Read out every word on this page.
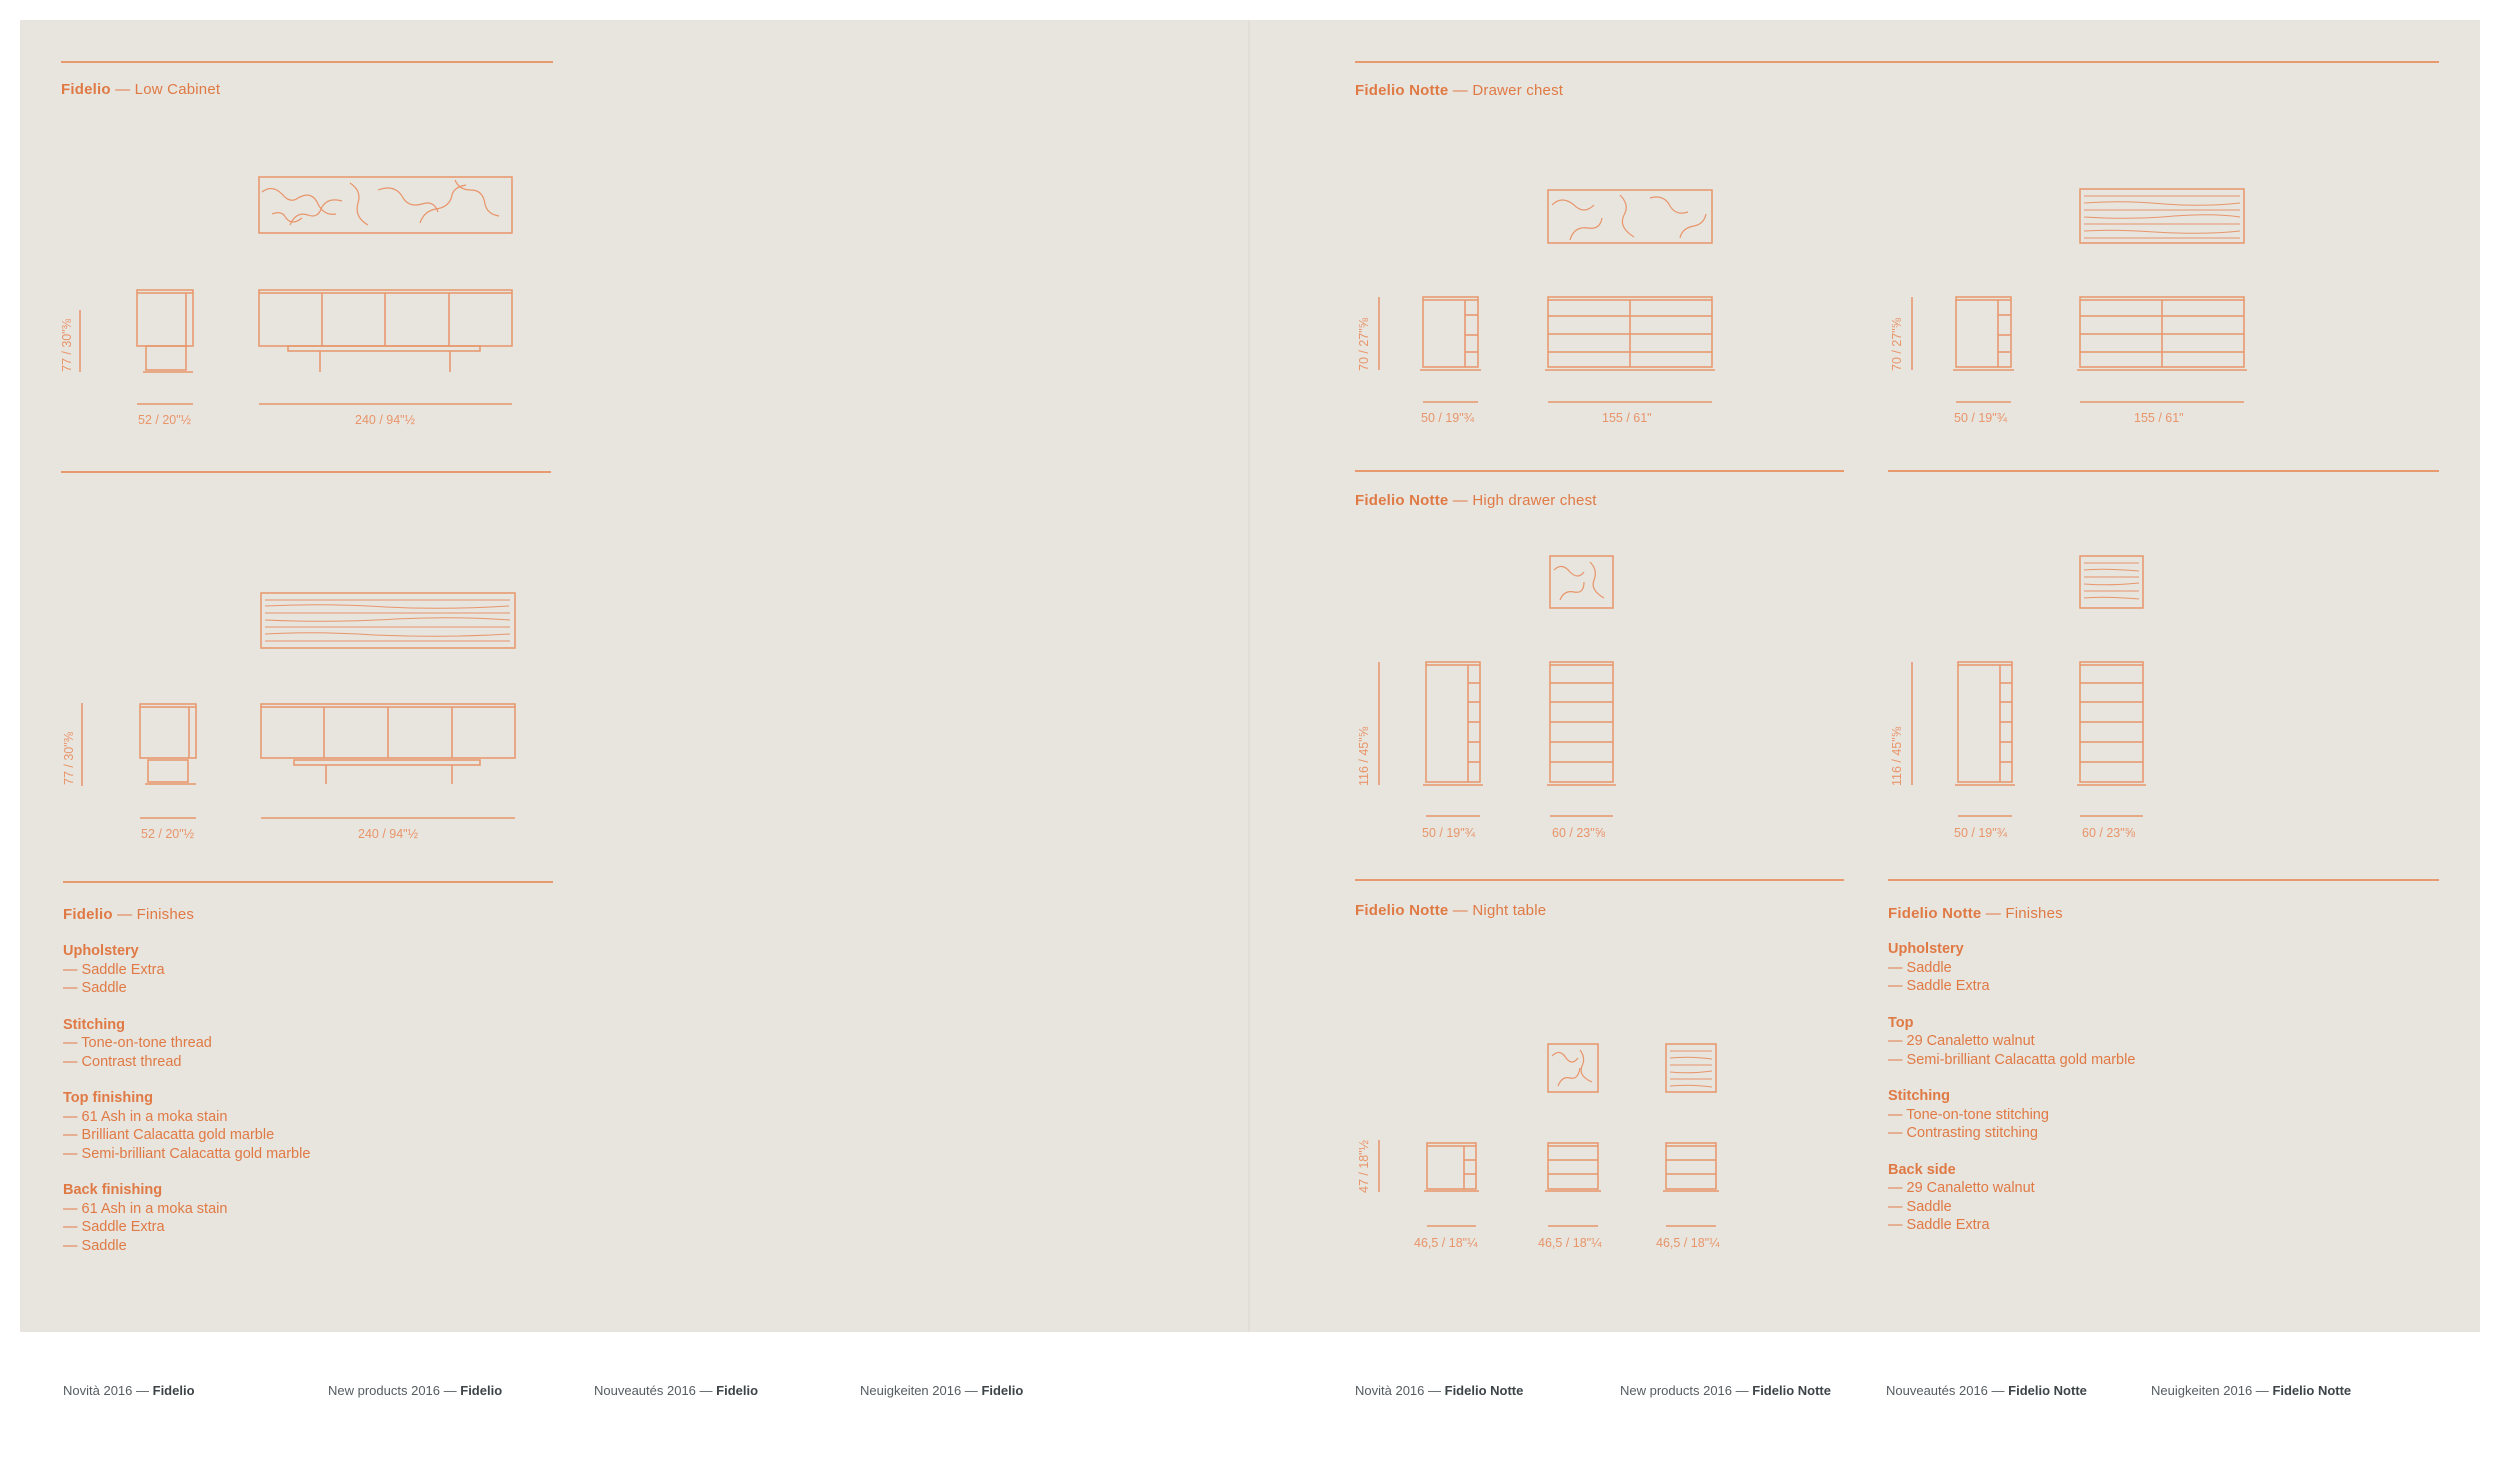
Fidelio — Low Cabinet
Fidelio — Finishes
Fidelio Notte — Drawer chest
Fidelio Notte — High drawer chest
Fidelio Notte — Night table	Fidelio Notte — Finishes
77 / 30"⅜
52 / 20"½	240 / 94"½
77 / 30"⅜
52 / 20"½	240 / 94"½
70 / 27"⅝
50 / 19"¾	155 / 61"
70 / 27"⅝
50 / 19"¾	155 / 61"
116 / 45"⅝
50 / 19"¾	60 / 23"⅝
116 / 45"⅝
50 / 19"¾	60 / 23"⅝
47 / 18"½
46,5 / 18"¼	46,5 / 18"¼	46,5 / 18"¼
Upholstery
— Saddle Extra
— Saddle
Stitching
— Tone-on-tone thread
— Contrast thread
Top finishing
— 61 Ash in a moka stain
— Brilliant Calacatta gold marble
— Semi-brilliant Calacatta gold marble
Back finishing
— 61 Ash in a moka stain
— Saddle Extra
— Saddle
Upholstery
— Saddle
— Saddle Extra
Top
— 29 Canaletto walnut
— Semi-brilliant Calacatta gold marble
Stitching
— Tone-on-tone stitching
— Contrasting stitching
Back side
— 29 Canaletto walnut
— Saddle
— Saddle Extra
Novità 2016 — Fidelio	New products 2016 — Fidelio	Nouveautés 2016 — Fidelio	Neuigkeiten 2016 — Fidelio	Novità 2016 — Fidelio Notte	New products 2016 — Fidelio Notte	Nouveautés 2016 — Fidelio Notte	Neuigkeiten 2016 — Fidelio Notte
